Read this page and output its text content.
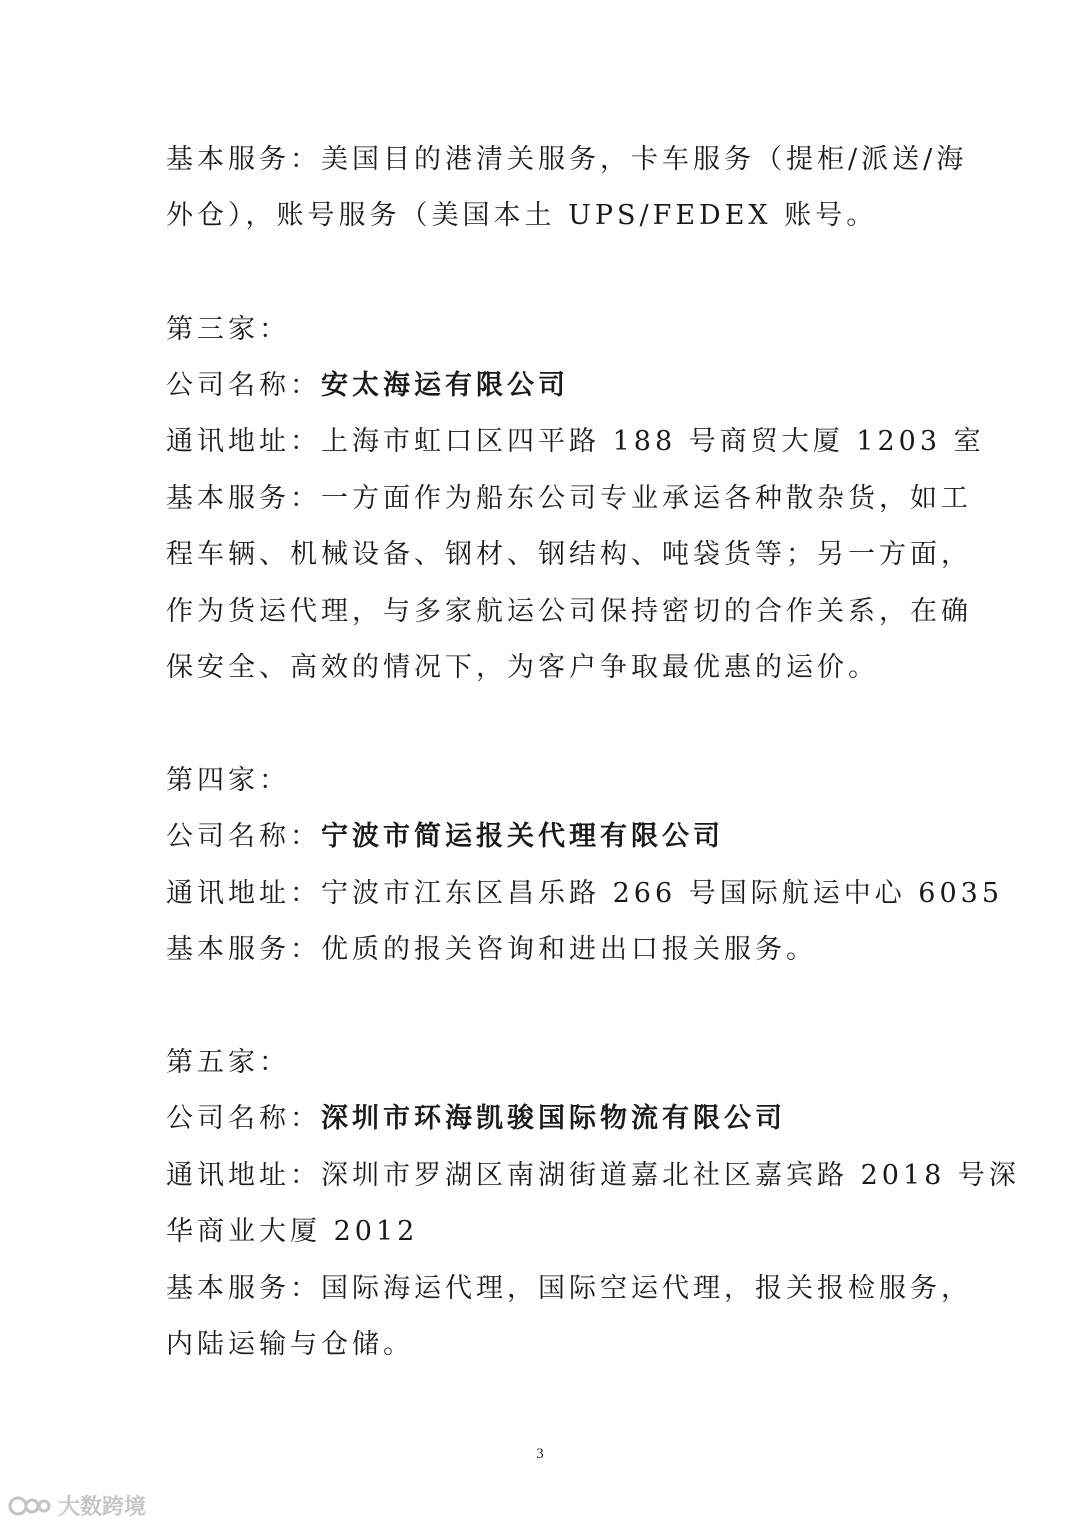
基本服务：美国目的港清关服务，卡车服务（提柜/派送/海
外仓），账号服务（美国本土 UPS/FEDEX 账号。
第三家：
公司名称：安太海运有限公司
通讯地址：上海市虹口区四平路 188 号商贸大厦 1203 室
基本服务：一方面作为船东公司专业承运各种散杂货，如工
程车辆、机械设备、钢材、钢结构、吨袋货等；另一方面，
作为货运代理，与多家航运公司保持密切的合作关系，在确
保安全、高效的情况下，为客户争取最优惠的运价。
第四家：
公司名称：宁波市简运报关代理有限公司
通讯地址：宁波市江东区昌乐路 266 号国际航运中心 6035
基本服务：优质的报关咨询和进出口报关服务。
第五家：
公司名称：深圳市环海凯骏国际物流有限公司
通讯地址：深圳市罗湖区南湖街道嘉北社区嘉宾路 2018 号深
华商业大厦 2012
基本服务：国际海运代理，国际空运代理，报关报检服务，
内陆运输与仓储。
3
大数跨境
